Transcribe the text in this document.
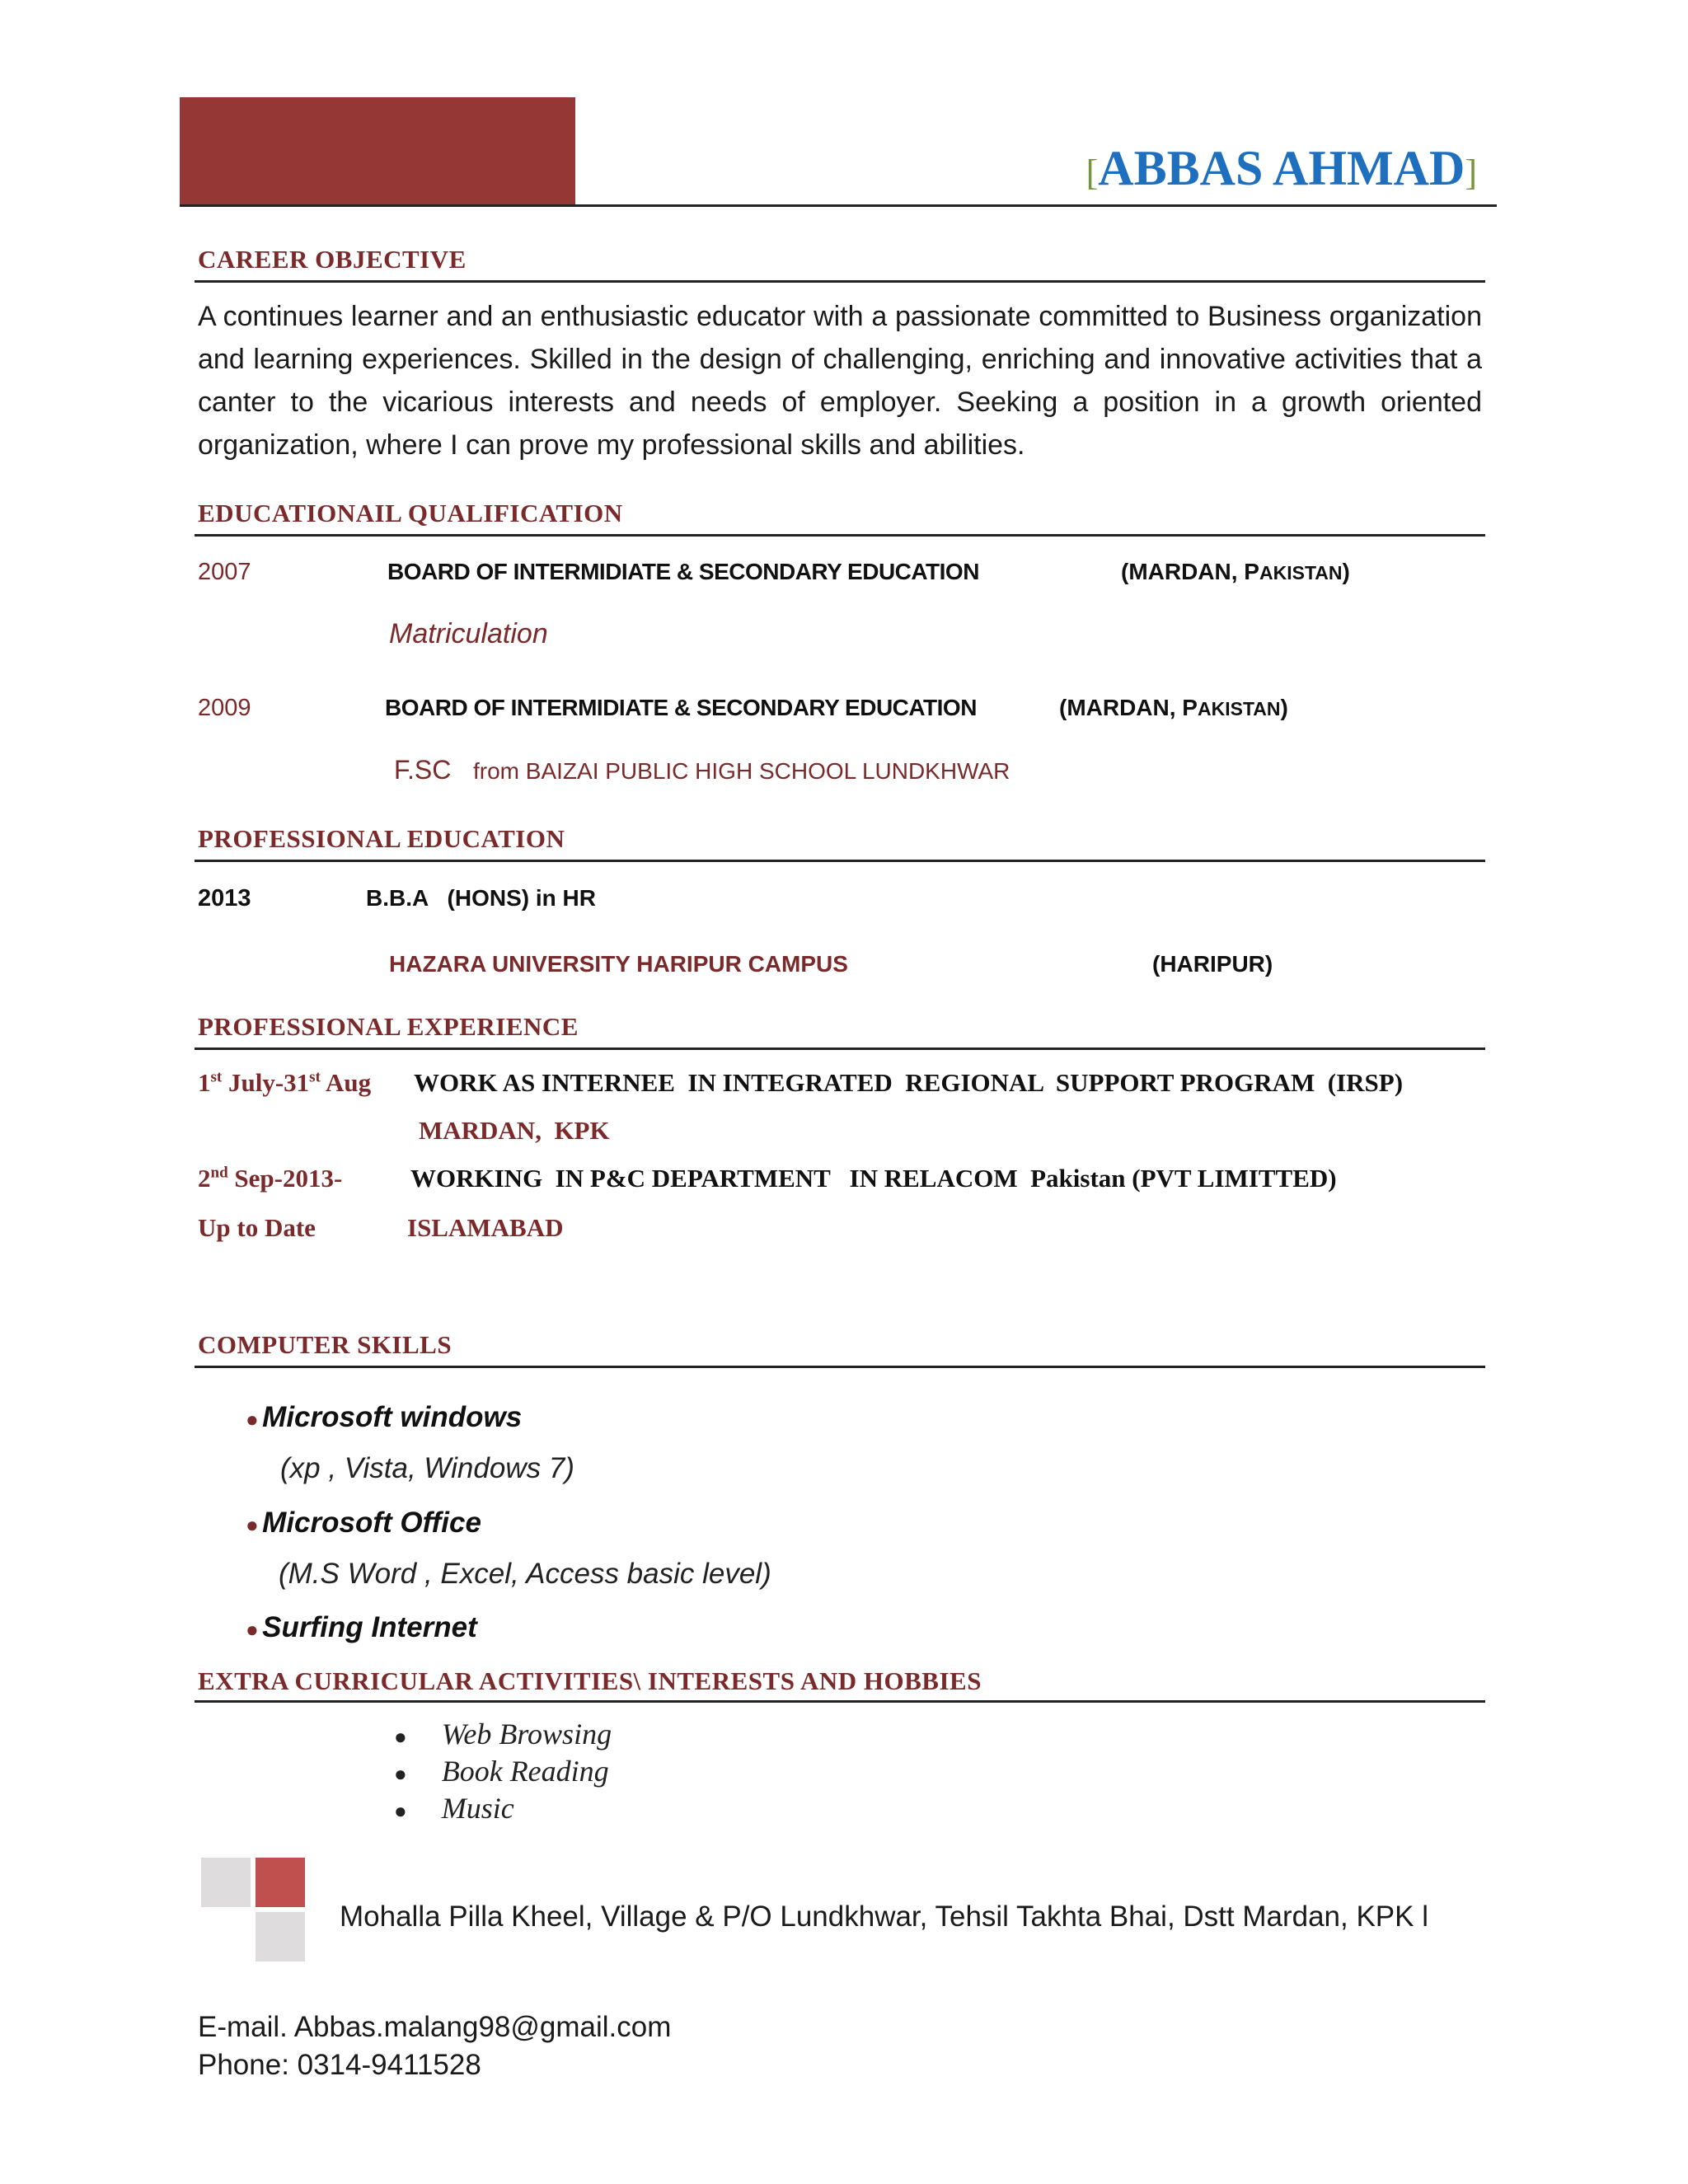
[ABBAS AHMAD]
CAREER OBJECTIVE
A continues learner and an enthusiastic educator with a passionate committed to Business organization and learning experiences. Skilled in the design of challenging, enriching and innovative activities that a canter to the vicarious interests and needs of employer. Seeking a position in a growth oriented organization, where I can prove my professional skills and abilities.
EDUCATIONAIL QUALIFICATION
2007	BOARD OF INTERMIDIATE & SECONDARY EDUCATION	(MARDAN, PAKISTAN)
Matriculation
2009	BOARD OF INTERMIDIATE & SECONDARY EDUCATION	(MARDAN, PAKISTAN)
F.SC from BAIZAI PUBLIC HIGH SCHOOL LUNDKHWAR
PROFESSIONAL EDUCATION
2013	B.B.A   (HONS) in HR
HAZARA UNIVERSITY HARIPUR CAMPUS	(HARIPUR)
PROFESSIONAL EXPERIENCE
1st July-31st Aug WORK AS INTERNEE  IN INTEGRATED  REGIONAL  SUPPORT PROGRAM  (IRSP)
MARDAN,  KPK
2nd Sep-2013-	WORKING  IN P&C DEPARTMENT   IN RELACOM  Pakistan (PVT LIMITTED)
Up to Date	ISLAMABAD
COMPUTER SKILLS
● Microsoft windows
(xp , Vista, Windows 7)
● Microsoft Office
(M.S Word , Excel, Access basic level)
● Surfing Internet
EXTRA CURRICULAR ACTIVITIES\ INTERESTS AND HOBBIES
● Web Browsing
● Book Reading
● Music
Mohalla Pilla Kheel, Village & P/O Lundkhwar, Tehsil Takhta Bhai, Dstt Mardan, KPK l
E-mail. Abbas.malang98@gmail.com
Phone: 0314-9411528
